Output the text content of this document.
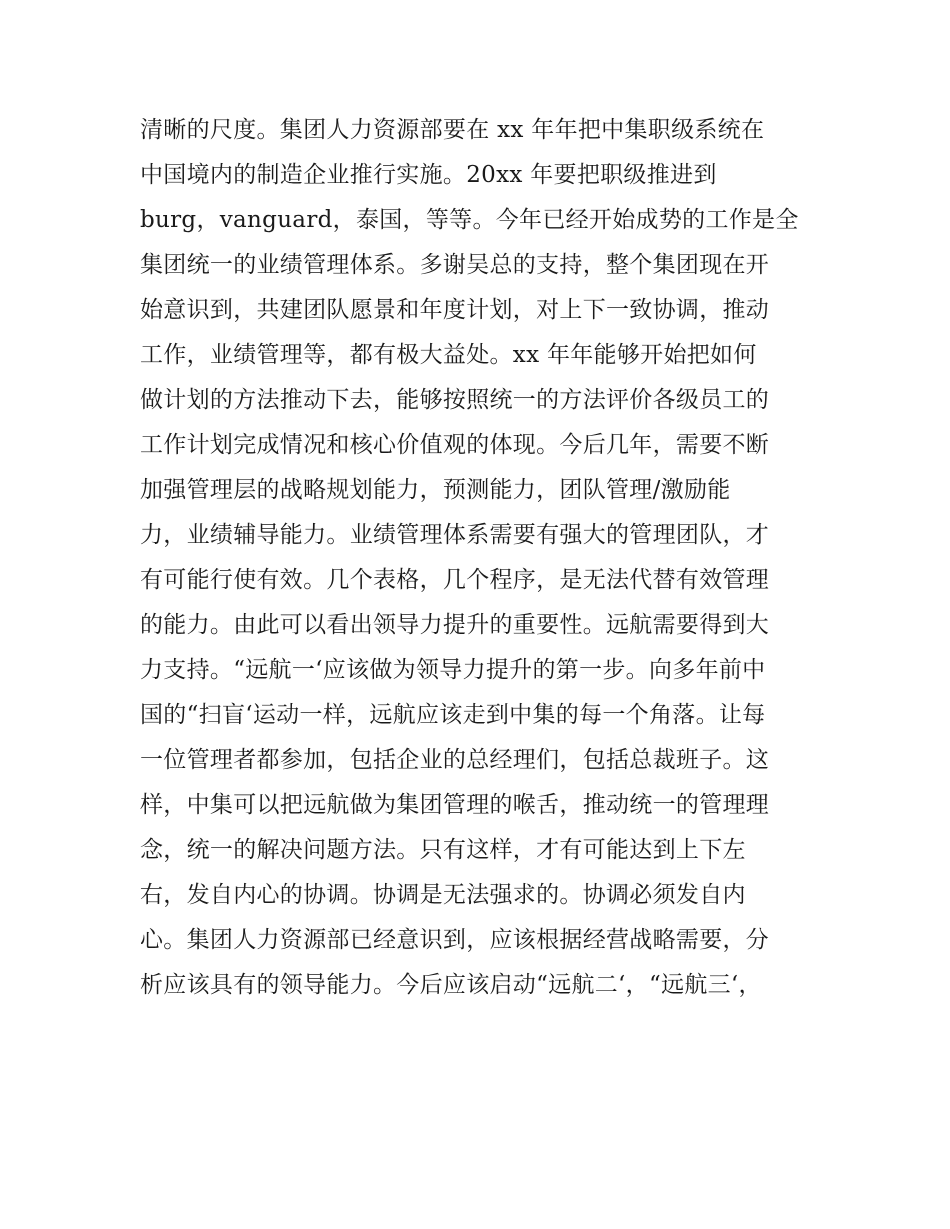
清晰的尺度。集团人力资源部要在 xx 年年把中集职级系统在
中国境内的制造企业推行实施。20xx 年要把职级推进到
burg，vanguard，泰国，等等。今年已经开始成势的工作是全
集团统一的业绩管理体系。多谢吴总的支持，整个集团现在开
始意识到，共建团队愿景和年度计划，对上下一致协调，推动
工作，业绩管理等，都有极大益处。xx 年年能够开始把如何
做计划的方法推动下去，能够按照统一的方法评价各级员工的
工作计划完成情况和核心价值观的体现。今后几年，需要不断
加强管理层的战略规划能力，预测能力，团队管理/激励能
力，业绩辅导能力。业绩管理体系需要有强大的管理团队，才
有可能行使有效。几个表格，几个程序，是无法代替有效管理
的能力。由此可以看出领导力提升的重要性。远航需要得到大
力支持。“远航一‘应该做为领导力提升的第一步。向多年前中
国的“扫盲‘运动一样，远航应该走到中集的每一个角落。让每
一位管理者都参加，包括企业的总经理们，包括总裁班子。这
样，中集可以把远航做为集团管理的喉舌，推动统一的管理理
念，统一的解决问题方法。只有这样，才有可能达到上下左
右，发自内心的协调。协调是无法强求的。协调必须发自内
心。集团人力资源部已经意识到，应该根据经营战略需要，分
析应该具有的领导能力。今后应该启动“远航二‘，“远航三‘，
